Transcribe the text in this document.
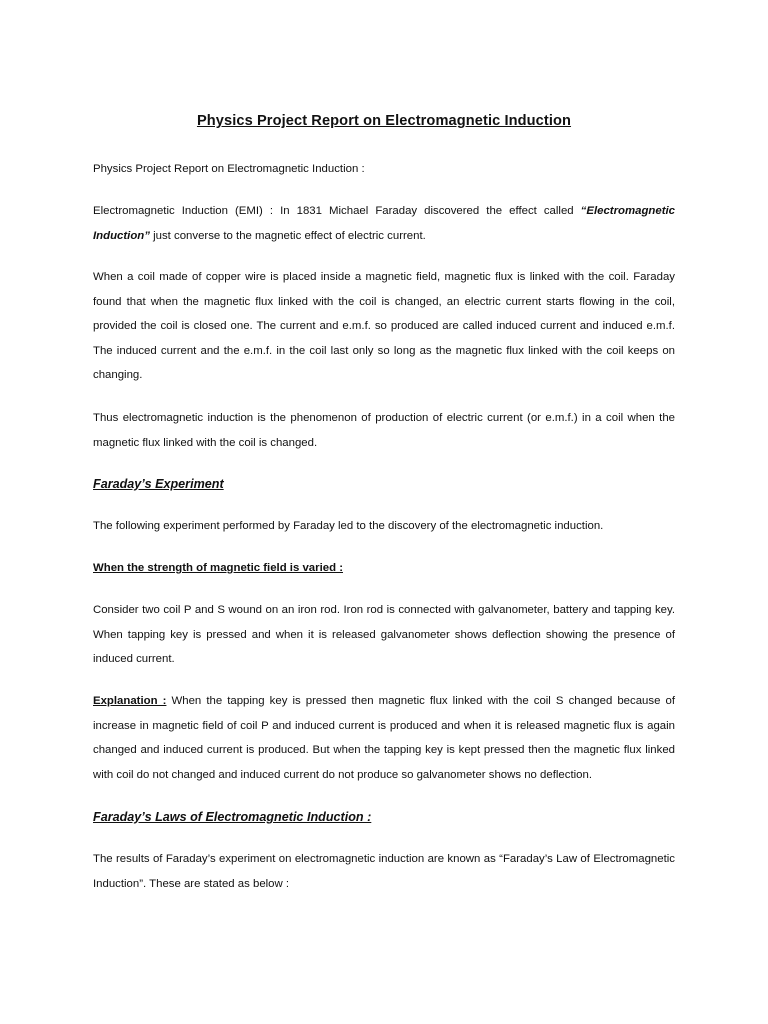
Physics Project Report on Electromagnetic Induction

Physics Project Report on Electromagnetic Induction :

Electromagnetic Induction (EMI) : In 1831 Michael Faraday discovered the effect called “Electromagnetic Induction” just converse to the magnetic effect of electric current.

When a coil made of copper wire is placed inside a magnetic field, magnetic flux is linked with the coil. Faraday found that when the magnetic flux linked with the coil is changed, an electric current starts flowing in the coil, provided the coil is closed one. The current and e.m.f. so produced are called induced current and induced e.m.f. The induced current and the e.m.f. in the coil last only so long as the magnetic flux linked with the coil keeps on changing.

Thus electromagnetic induction is the phenomenon of production of electric current (or e.m.f.) in a coil when the magnetic flux linked with the coil is changed.

Faraday’s Experiment

The following experiment performed by Faraday led to the discovery of the electromagnetic induction.

When the strength of magnetic field is varied :

Consider two coil P and S wound on an iron rod. Iron rod is connected with galvanometer, battery and tapping key. When tapping key is pressed and when it is released galvanometer shows deflection showing the presence of induced current.

Explanation : When the tapping key is pressed then magnetic flux linked with the coil S changed because of increase in magnetic field of coil P and induced current is produced and when it is released magnetic flux is again changed and induced current is produced. But when the tapping key is kept pressed then the magnetic flux linked with coil do not changed and induced current do not produce so galvanometer shows no deflection.

Faraday’s Laws of Electromagnetic Induction :

The results of Faraday’s experiment on electromagnetic induction are known as “Faraday’s Law of Electromagnetic Induction”. These are stated as below :
